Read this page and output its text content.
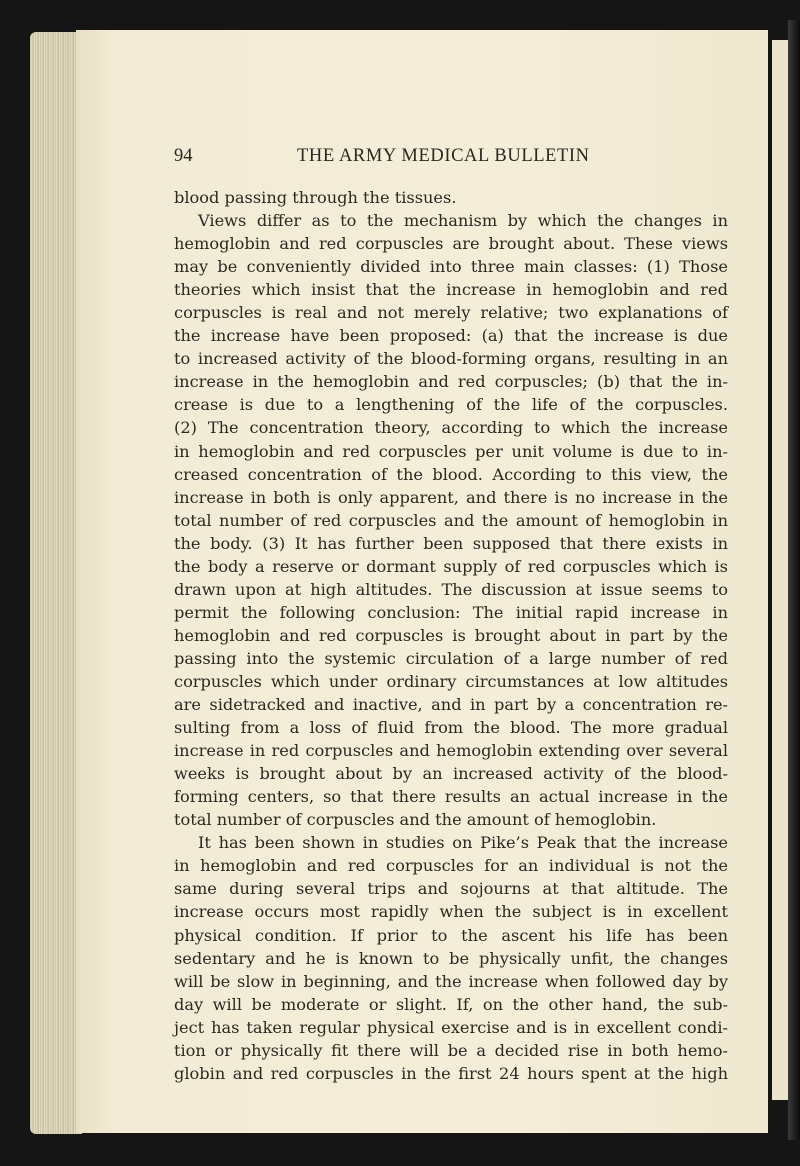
94	THE ARMY MEDICAL BULLETIN
blood passing through the tissues.
Views differ as to the mechanism by which the changes in
hemoglobin and red corpuscles are brought about. These views
may be conveniently divided into three main classes: (1) Those
theories which insist that the increase in hemoglobin and red
corpuscles is real and not merely relative; two explanations of
the increase have been proposed: (a) that the increase is due
to increased activity of the blood-forming organs, resulting in an
increase in the hemoglobin and red corpuscles; (b) that the in-
crease is due to a lengthening of the life of the corpuscles.
(2) The concentration theory, according to which the increase
in hemoglobin and red corpuscles per unit volume is due to in-
creased concentration of the blood. According to this view, the
increase in both is only apparent, and there is no increase in the
total number of red corpuscles and the amount of hemoglobin in
the body. (3) It has further been supposed that there exists in
the body a reserve or dormant supply of red corpuscles which is
drawn upon at high altitudes. The discussion at issue seems to
permit the following conclusion: The initial rapid increase in
hemoglobin and red corpuscles is brought about in part by the
passing into the systemic circulation of a large number of red
corpuscles which under ordinary circumstances at low altitudes
are sidetracked and inactive, and in part by a concentration re-
sulting from a loss of fluid from the blood. The more gradual
increase in red corpuscles and hemoglobin extending over several
weeks is brought about by an increased activity of the blood-
forming centers, so that there results an actual increase in the
total number of corpuscles and the amount of hemoglobin.
It has been shown in studies on Pike’s Peak that the increase
in hemoglobin and red corpuscles for an individual is not the
same during several trips and sojourns at that altitude. The
increase occurs most rapidly when the subject is in excellent
physical condition. If prior to the ascent his life has been
sedentary and he is known to be physically unfit, the changes
will be slow in beginning, and the increase when followed day by
day will be moderate or slight. If, on the other hand, the sub-
ject has taken regular physical exercise and is in excellent condi-
tion or physically fit there will be a decided rise in both hemo-
globin and red corpuscles in the first 24 hours spent at the high
